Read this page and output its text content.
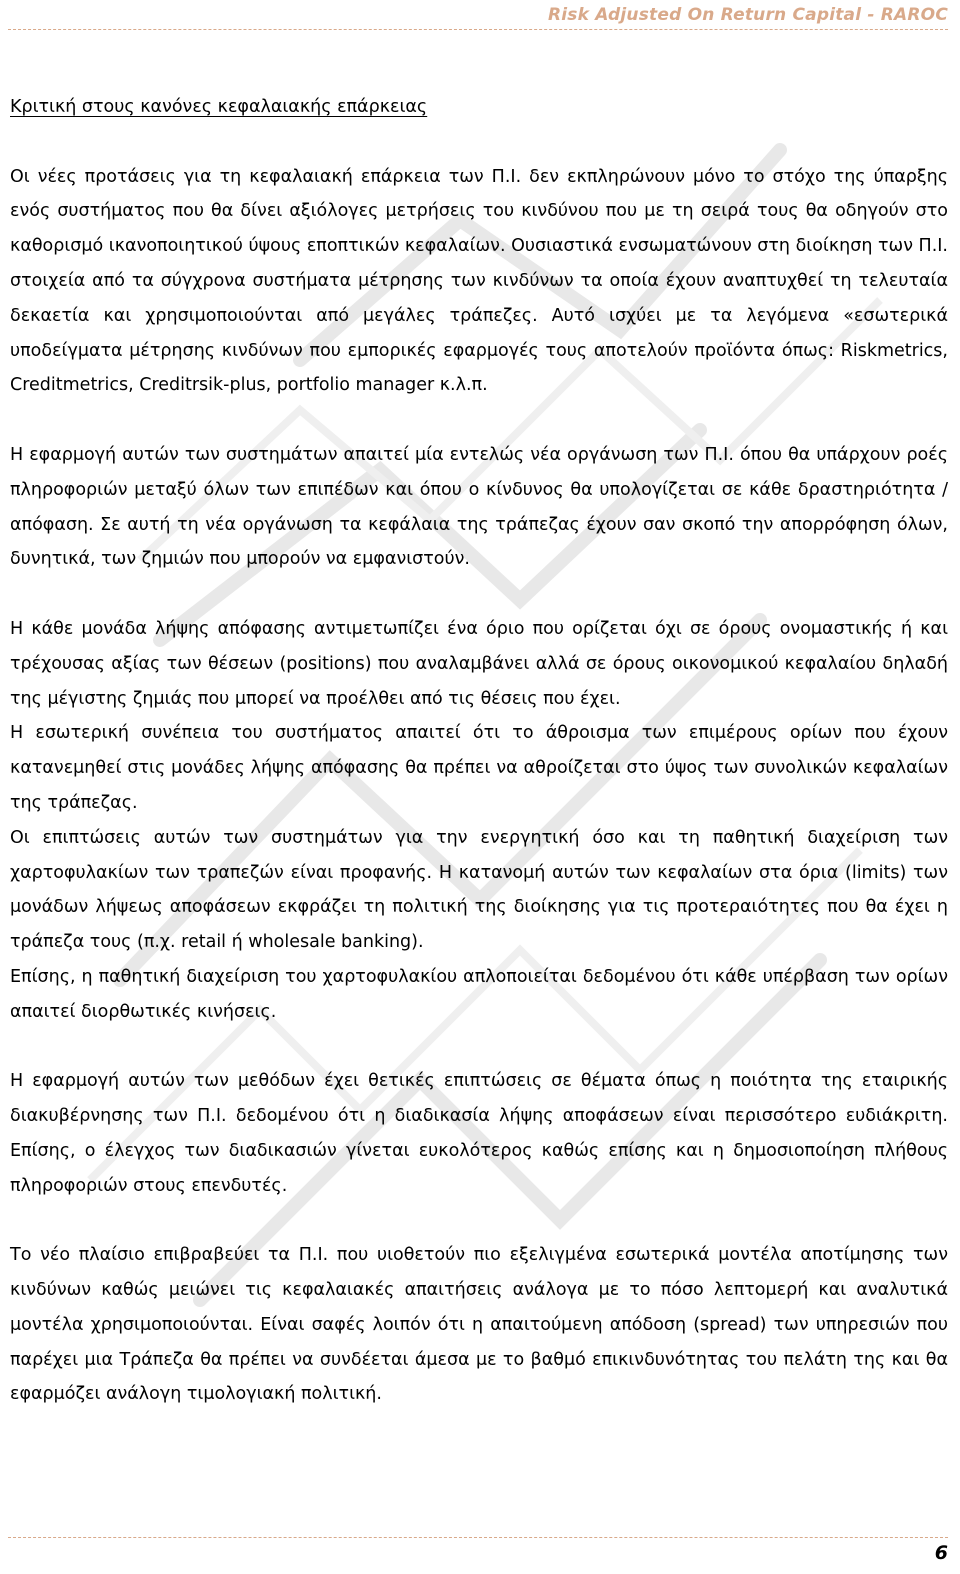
Risk Adjusted On Return Capital - RAROC

Κριτική στους κανόνες κεφαλαιακής επάρκειας

Οι νέες προτάσεις για τη κεφαλαιακή επάρκεια των Π.Ι. δεν εκπληρώνουν μόνο το στόχο της ύπαρξης ενός συστήματος που θα δίνει αξιόλογες μετρήσεις του κινδύνου που με τη σειρά τους θα οδηγούν στο καθορισμό ικανοποιητικού ύψους εποπτικών κεφαλαίων. Ουσιαστικά ενσωματώνουν στη διοίκηση των Π.Ι. στοιχεία από τα σύγχρονα συστήματα μέτρησης των κινδύνων τα οποία έχουν αναπτυχθεί τη τελευταία δεκαετία και χρησιμοποιούνται από μεγάλες τράπεζες. Αυτό ισχύει με τα λεγόμενα «εσωτερικά υποδείγματα μέτρησης κινδύνων που εμπορικές εφαρμογές τους αποτελούν προϊόντα όπως: Riskmetrics, Creditmetrics, Creditrsik-plus, portfolio manager κ.λ.π.

Η εφαρμογή αυτών των συστημάτων απαιτεί μία εντελώς νέα οργάνωση των Π.Ι. όπου θα υπάρχουν ροές πληροφοριών μεταξύ όλων των επιπέδων και όπου ο κίνδυνος θα υπολογίζεται σε κάθε δραστηριότητα / απόφαση. Σε αυτή τη νέα οργάνωση τα κεφάλαια της τράπεζας έχουν σαν σκοπό την απορρόφηση όλων, δυνητικά, των ζημιών που μπορούν να εμφανιστούν.

Η κάθε μονάδα λήψης απόφασης αντιμετωπίζει ένα όριο που ορίζεται όχι σε όρους ονομαστικής ή και τρέχουσας αξίας των θέσεων (positions) που αναλαμβάνει αλλά σε όρους οικονομικού κεφαλαίου δηλαδή της μέγιστης ζημιάς που μπορεί να προέλθει από τις θέσεις που έχει.

Η εσωτερική συνέπεια του συστήματος απαιτεί ότι το άθροισμα των επιμέρους ορίων που έχουν κατανεμηθεί στις μονάδες λήψης απόφασης θα πρέπει να αθροίζεται στο ύψος των συνολικών κεφαλαίων της τράπεζας.

Οι επιπτώσεις αυτών των συστημάτων για την ενεργητική όσο και τη παθητική διαχείριση των χαρτοφυλακίων των τραπεζών είναι προφανής. Η κατανομή αυτών των κεφαλαίων στα όρια (limits) των μονάδων λήψεως αποφάσεων εκφράζει τη πολιτική της διοίκησης για τις προτεραιότητες που θα έχει η τράπεζα τους (π.χ. retail ή wholesale banking).

Επίσης, η παθητική διαχείριση του χαρτοφυλακίου απλοποιείται δεδομένου ότι κάθε υπέρβαση των ορίων απαιτεί διορθωτικές κινήσεις.

Η εφαρμογή αυτών των μεθόδων έχει θετικές επιπτώσεις σε θέματα όπως η ποιότητα της εταιρικής διακυβέρνησης των Π.Ι. δεδομένου ότι η διαδικασία λήψης αποφάσεων είναι περισσότερο ευδιάκριτη. Επίσης, ο έλεγχος των διαδικασιών γίνεται ευκολότερος καθώς επίσης και η δημοσιοποίηση πλήθους πληροφοριών στους επενδυτές.

Το νέο πλαίσιο επιβραβεύει τα Π.Ι. που υιοθετούν πιο εξελιγμένα εσωτερικά μοντέλα αποτίμησης των κινδύνων καθώς μειώνει τις κεφαλαιακές απαιτήσεις ανάλογα με το πόσο λεπτομερή και αναλυτικά μοντέλα χρησιμοποιούνται. Είναι σαφές λοιπόν ότι η απαιτούμενη απόδοση (spread) των υπηρεσιών που παρέχει μια Τράπεζα θα πρέπει να συνδέεται άμεσα με το βαθμό επικινδυνότητας του πελάτη της και θα εφαρμόζει ανάλογη τιμολογιακή πολιτική.

6
